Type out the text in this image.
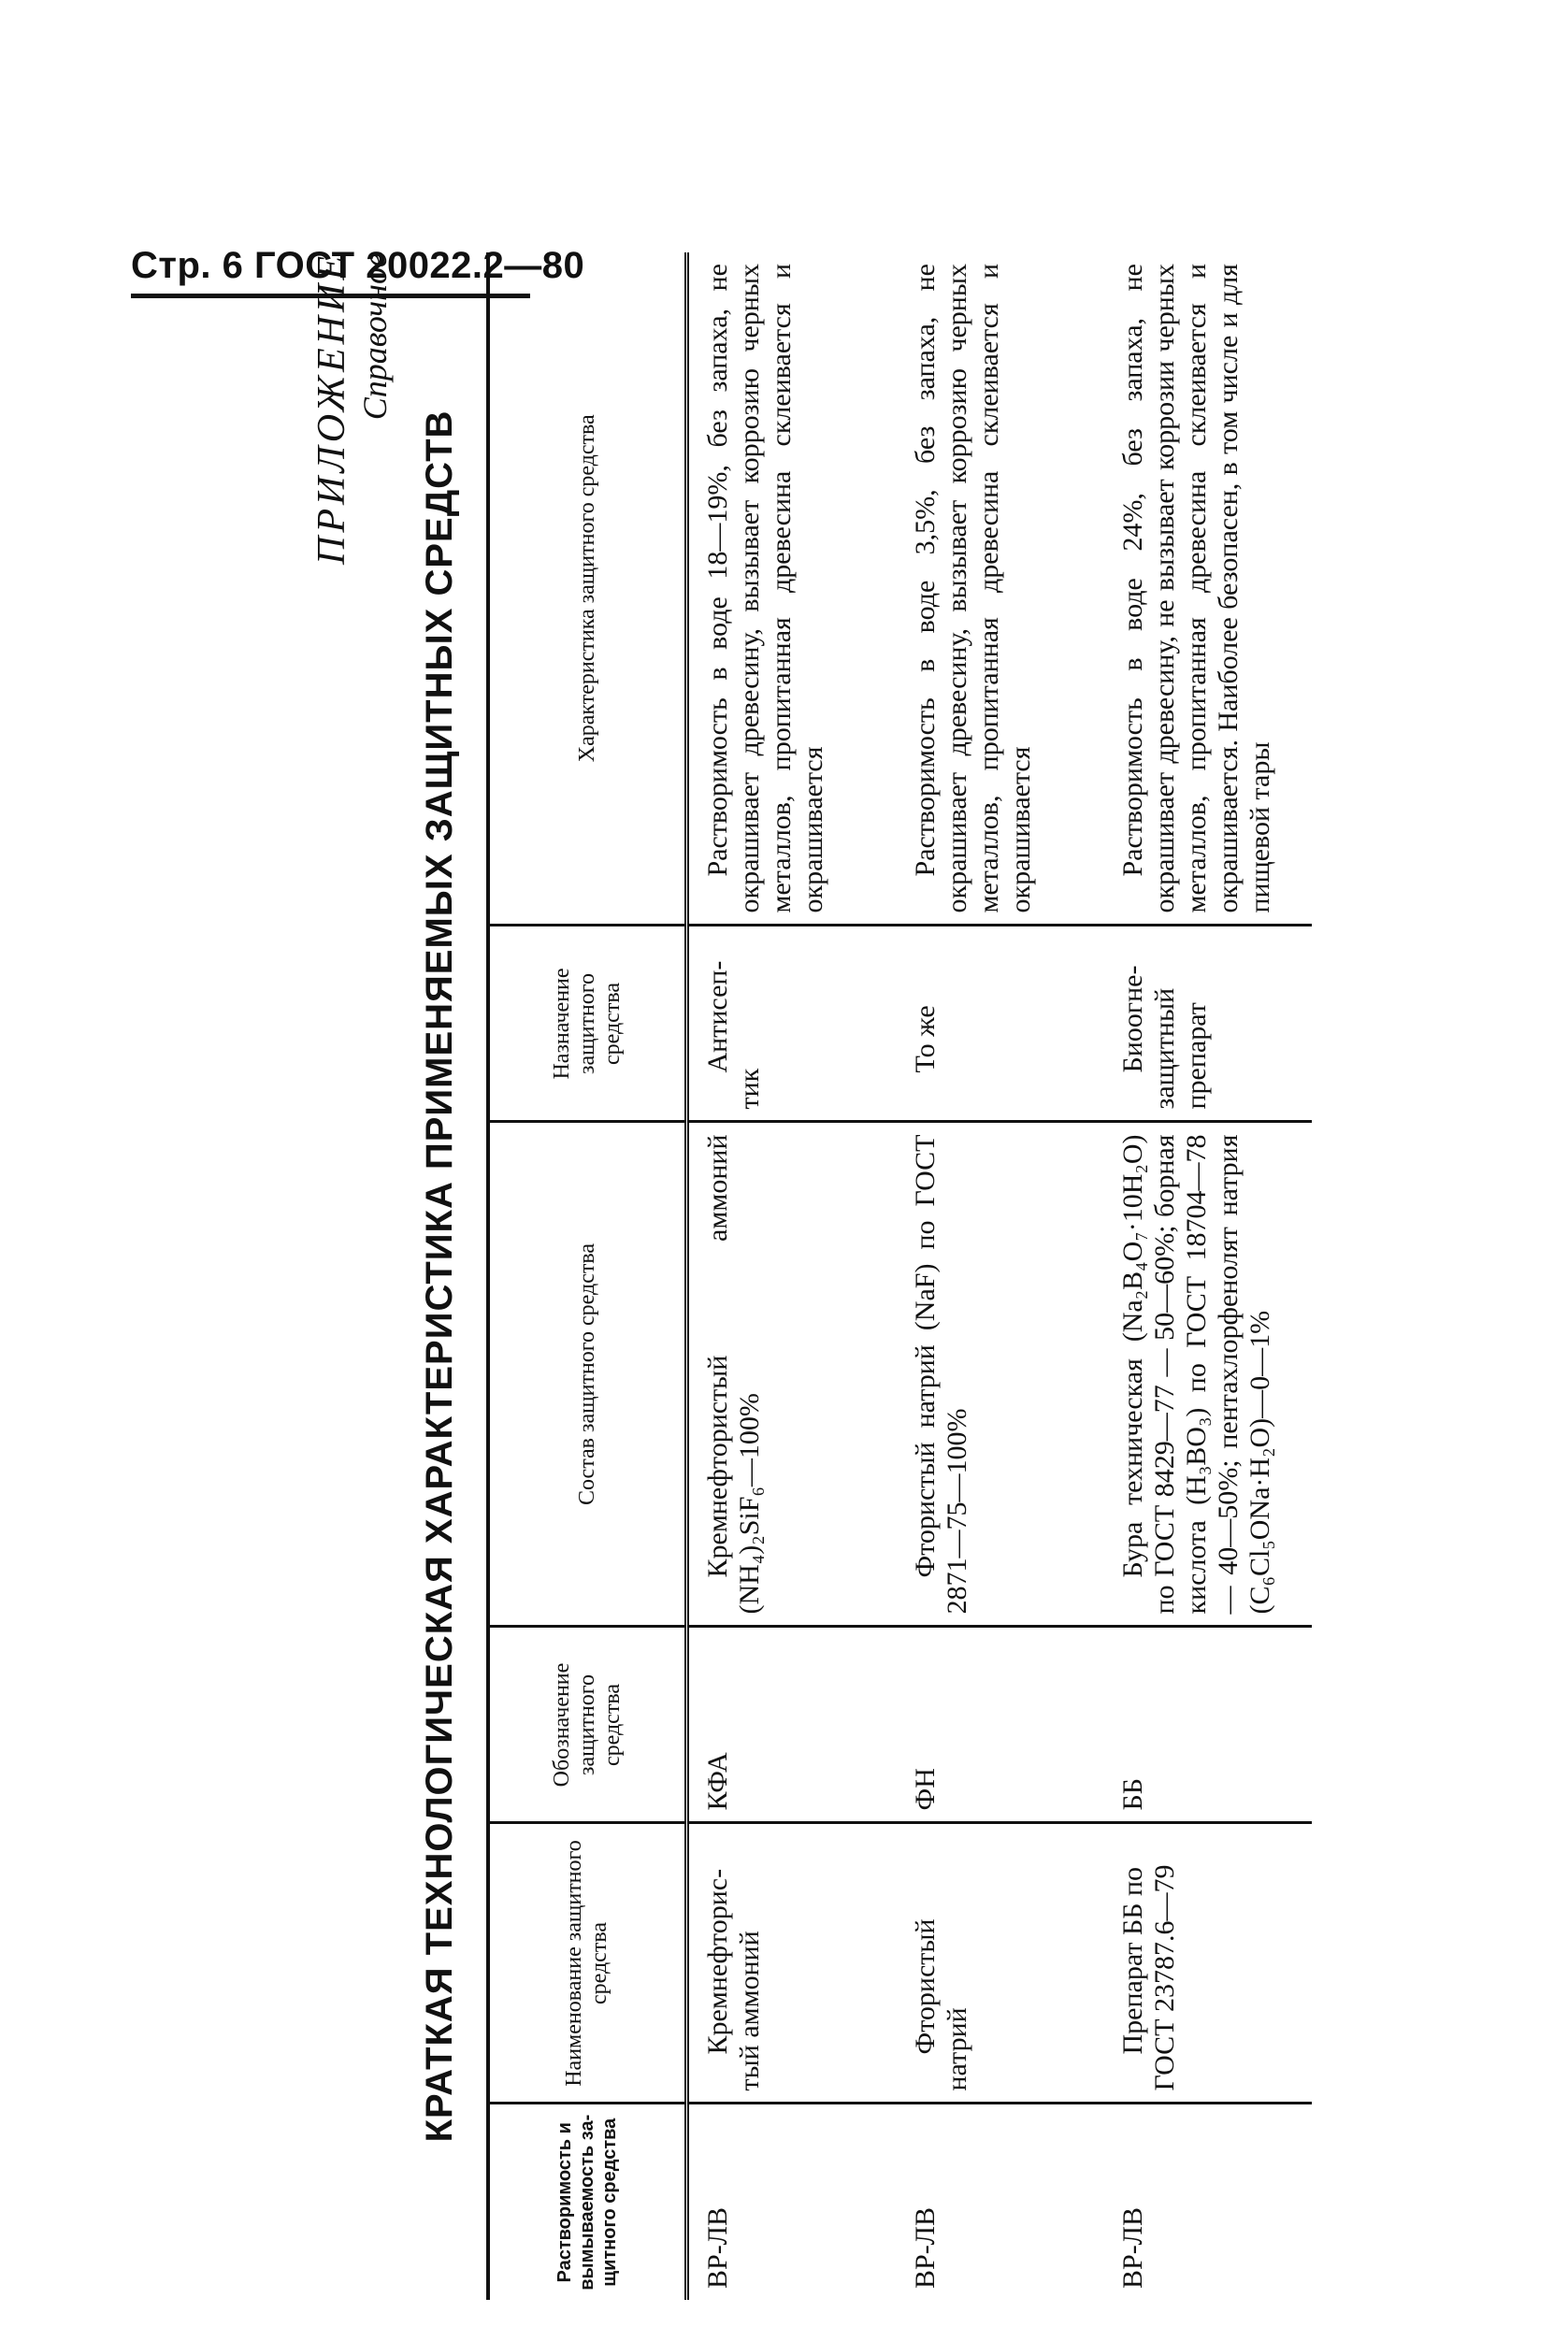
Стр. 6 ГОСТ 20022.2—80
ПРИЛОЖЕНИЕ Справочное
КРАТКАЯ ТЕХНОЛОГИЧЕСКАЯ ХАРАКТЕРИСТИКА ПРИМЕНЯЕМЫХ ЗАЩИТНЫХ СРЕДСТВ
Растворимость и вымываемость защитного средства	Наименование защитного средства	Обозначение защитного средства	Состав защитного средства	Назначение защитного средства	Характеристика защитного средства
ВР-ЛВ	Кремнефтористый аммоний	КФА	Кремнефтористый аммоний (NH₄)₂SiF₆—100%	Антисептик	Растворимость в воде 18—19%, без запаха, не окрашивает древесину, вызывает коррозию черных металлов, пропитанная древесина склеивается и окрашивается
ВР-ЛВ	Фтористый натрий	ФН	Фтористый натрий (NaF) по ГОСТ 2871—75—100%	То же	Растворимость в воде 3,5%, без запаха, не окрашивает древесину, вызывает коррозию черных металлов, пропитанная древесина склеивается и окрашивается
ВР-ЛВ	Препарат ББ по ГОСТ 23787.6—79	ББ	Бура техническая (Na₂B₄O₇·10H₂O) по ГОСТ 8429—77 — 50—60%; борная кислота (H₃BO₃) по ГОСТ 18704—78 — 40—50%; пентахлорфенолят натрия (C₆Cl₅ONa·H₂O)—0—1%	Биоогнезащитный препарат	Растворимость в воде 24%, без запаха, не окрашивает древесину, не вызывает коррозии черных металлов, пропитанная древесина склеивается и окрашивается. Наиболее безопасен, в том числе и для пищевой тары
